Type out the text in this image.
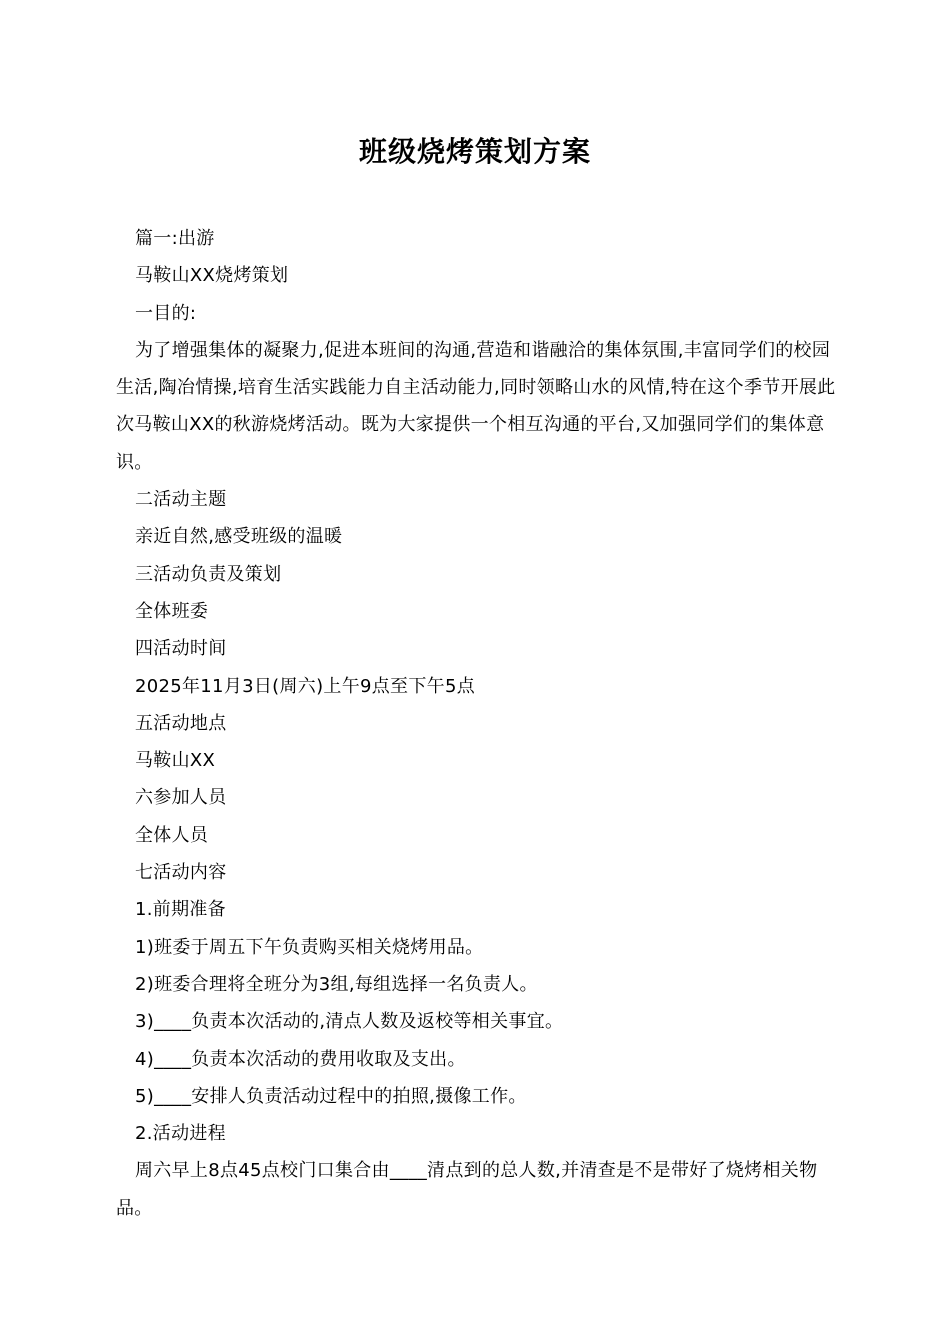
班级烧烤策划方案

篇一:出游

马鞍山XX烧烤策划

一目的:

为了增强集体的凝聚力,促进本班间的沟通,营造和谐融洽的集体氛围,丰富同学们的校园生活,陶冶情操,培育生活实践能力自主活动能力,同时领略山水的风情,特在这个季节开展此次马鞍山XX的秋游烧烤活动。既为大家提供一个相互沟通的平台,又加强同学们的集体意识。

二活动主题

亲近自然,感受班级的温暖

三活动负责及策划

全体班委

四活动时间

2025年11月3日(周六)上午9点至下午5点

五活动地点

马鞍山XX

六参加人员

全体人员

七活动内容

1.前期准备

1)班委于周五下午负责购买相关烧烤用品。

2)班委合理将全班分为3组,每组选择一名负责人。

3)____负责本次活动的,清点人数及返校等相关事宜。

4)____负责本次活动的费用收取及支出。

5)____安排人负责活动过程中的拍照,摄像工作。

2.活动进程

周六早上8点45点校门口集合由____清点到的总人数,并清查是不是带好了烧烤相关物品。
